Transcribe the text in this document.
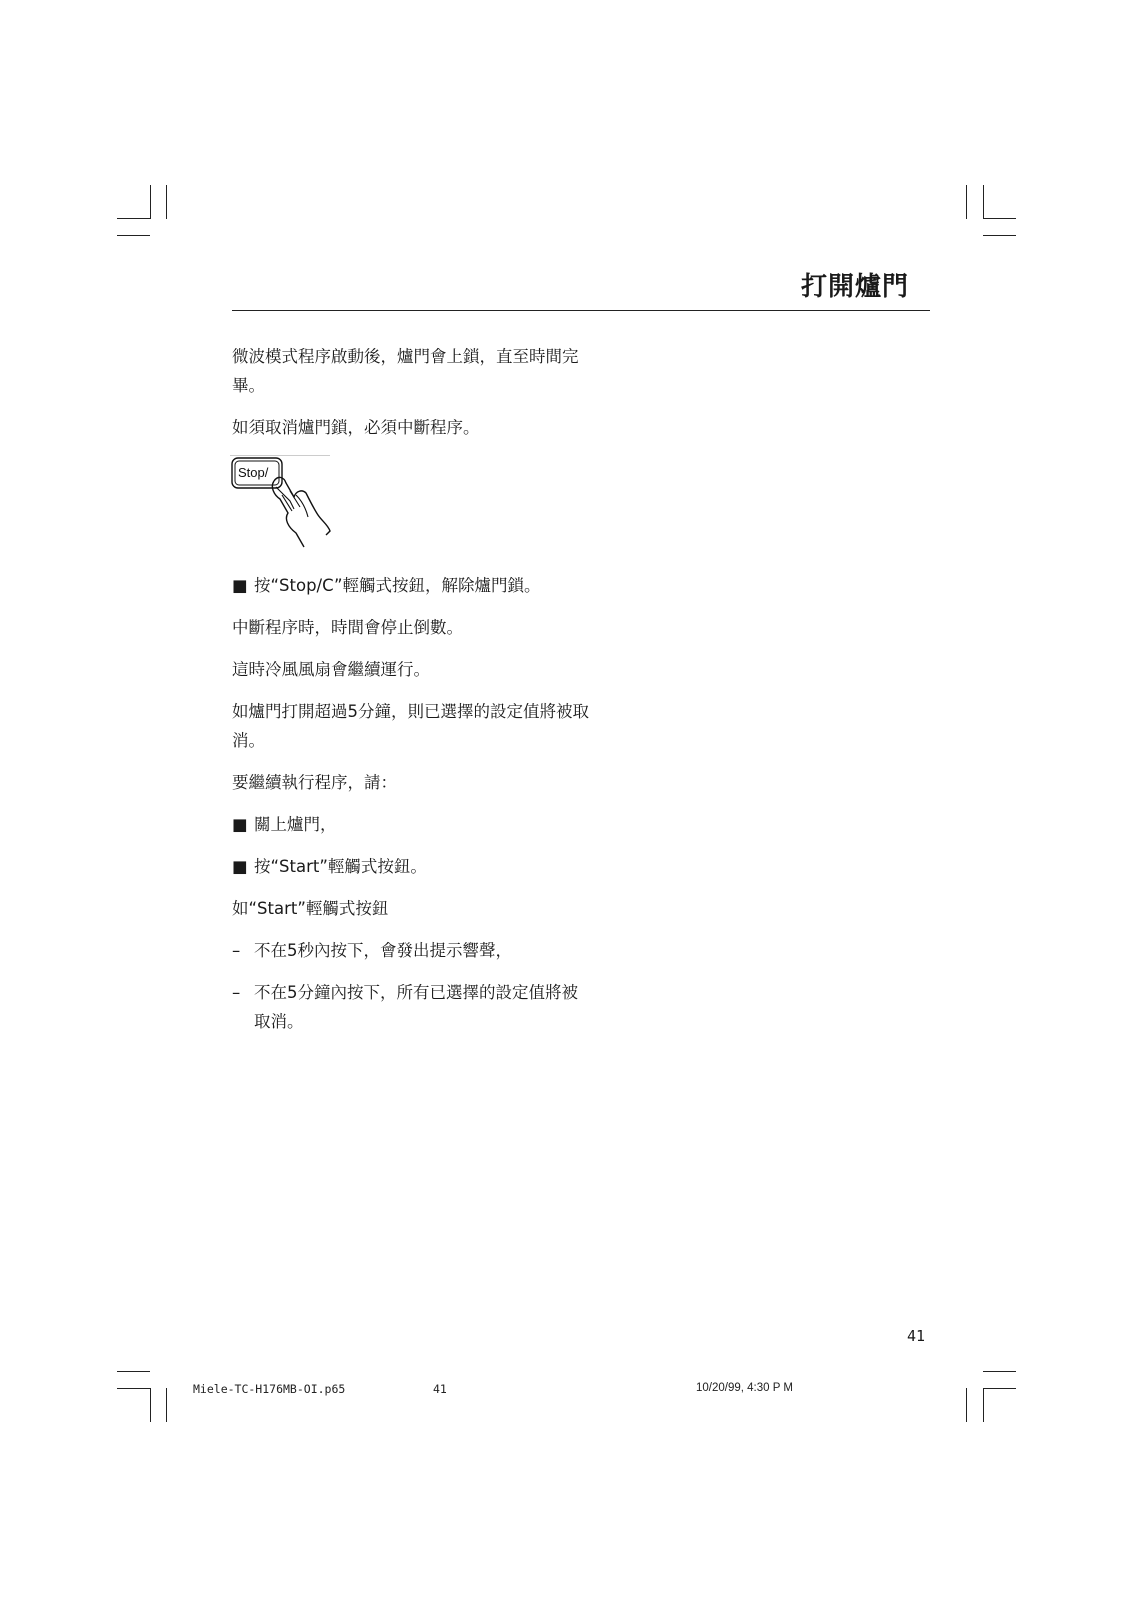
打開爐門

微波模式程序啟動後，爐門會上鎖，直至時間完畢。

如須取消爐門鎖，必須中斷程序。

Stop/

■ 按“Stop/C”輕觸式按鈕，解除爐門鎖。

中斷程序時，時間會停止倒數。

這時冷風風扇會繼續運行。

如爐門打開超過5分鐘，則已選擇的設定值將被取消。

要繼續執行程序，請：

■ 關上爐門，

■ 按“Start”輕觸式按鈕。

如“Start”輕觸式按鈕

– 不在5秒內按下，會發出提示響聲，

– 不在5分鐘內按下，所有已選擇的設定值將被取消。

41
Miele-TC-H176MB-OI.p65	41	10/20/99, 4:30 P M
